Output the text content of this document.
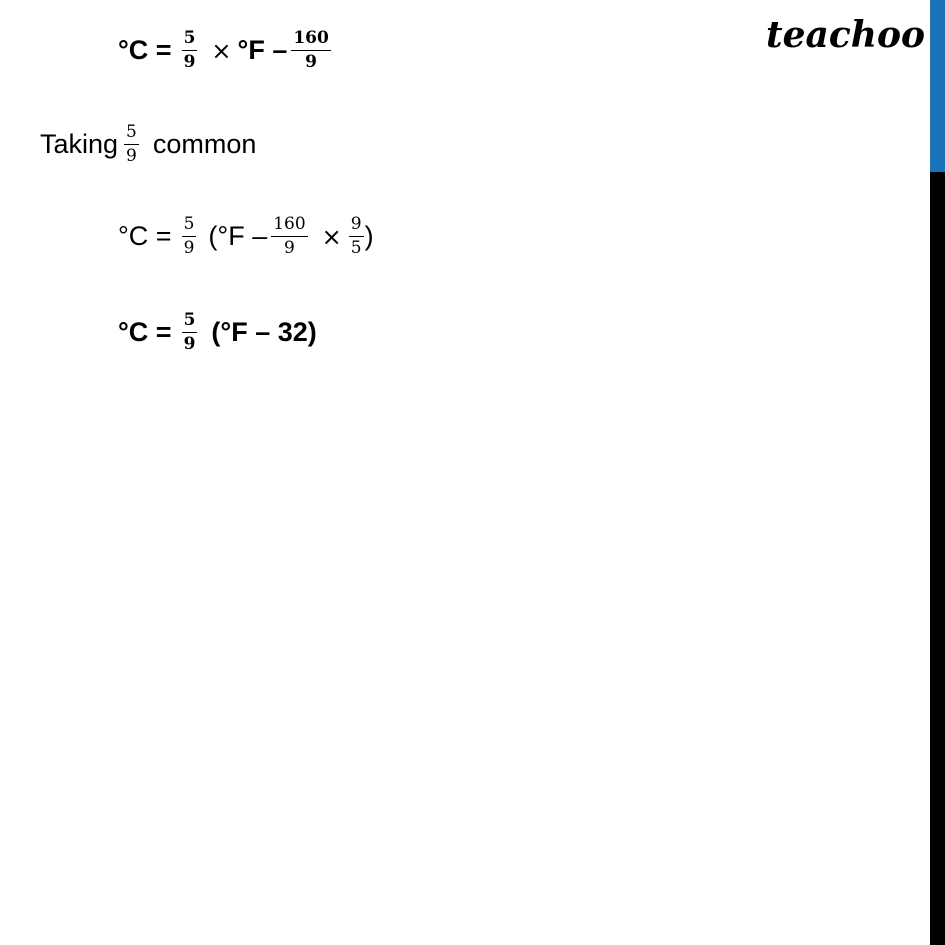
teachoo
$^\circ C = \frac{5}{9} \times ^\circ F - \frac{160}{9}$
Taking $\frac{5}{9}$ common
$^\circ C = \frac{5}{9} (^\circ F - \frac{160}{9} \times \frac{9}{5}$ )
$^\circ C = \frac{5}{9} (^\circ F - 32)$
